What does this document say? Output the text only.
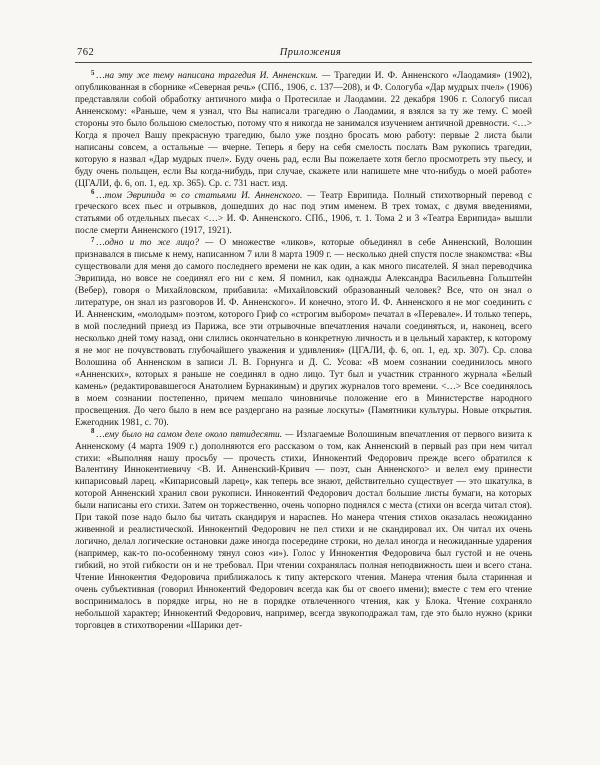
762	Приложения

$^5$ …на эту же тему написана трагедия И. Анненским. — Трагедии И. Ф. Анненского «Лаодамия» (1902), опубликованная в сборнике «Северная речь» (СПб., 1906, с. 137—208), и Ф. Сологуба «Дар мудрых пчел» (1906) представляли собой обработку античного мифа о Протесилае и Лаодамии. 22 декабря 1906 г. Сологуб писал Анненскому: «Раньше, чем я узнал, что Вы написали трагедию о Лаодамии, я взялся за ту же тему. С моей стороны это было большою смелостью, потому что я никогда не занимался изучением античной древности. <…> Когда я прочел Вашу прекрасную трагедию, было уже поздно бросать мою работу: первые 2 листа были написаны совсем, а остальные — вчерне. Теперь я беру на себя смелость послать Вам рукопись трагедии, которую я назвал «Дар мудрых пчел». Буду очень рад, если Вы пожелаете хотя бегло просмотреть эту пьесу, и буду очень польщен, если Вы когда-нибудь, при случае, скажете или напишете мне что-нибудь о моей работе» (ЦГАЛИ, ф. 6, оп. 1, ед. хр. 365). Ср. с. 731 наст. изд.

$^6$ …том Эврипида ∞ со статьями И. Анненского. — Театр Еврипида. Полный стихотворный перевод с греческого всех пьес и отрывков, дошедших до нас под этим именем. В трех томах, с двумя введениями, статьями об отдельных пьесах <…> И. Ф. Анненского. СПб., 1906, т. 1. Тома 2 и 3 «Театра Еврипида» вышли после смерти Анненского (1917, 1921).

$^7$ …одно и то же лицо? — О множестве «ликов», которые объединял в себе Анненский, Волошин признавался в письме к нему, написанном 7 или 8 марта 1909 г. — несколько дней спустя после знакомства: «Вы существовали для меня до самого последнего времени не как один, а как много писателей. Я знал переводчика Эврипида, но вовсе не соединял его ни с кем. Я помнил, как однажды Александра Васильевна Гольштейн (Вебер), говоря о Михайловском, прибавила: «Михайловский образованный человек? Все, что он знал о литературе, он знал из разговоров И. Ф. Анненского». И конечно, этого И. Ф. Анненского я не мог соединить с И. Анненским, «молодым» поэтом, которого Гриф со «строгим выбором» печатал в «Перевале». И только теперь, в мой последний приезд из Парижа, все эти отрывочные впечатления начали соединяться, и, наконец, всего несколько дней тому назад, они слились окончательно в конкретную личность и в цельный характер, к которому я не мог не почувствовать глубочайшего уважения и удивления» (ЦГАЛИ, ф. 6, оп. 1, ед. хр. 307). Ср. слова Волошина об Анненском в записи Л. В. Горнунга и Д. С. Усова: «В моем сознании соединилось много «Анненских», которых я раньше не соединял в одно лицо. Тут был и участник странного журнала «Белый камень» (редактировавшегося Анатолием Бурнакиным) и других журналов того времени. <…> Все соединялось в моем сознании постепенно, причем мешало чиновничье положение его в Министерстве народного просвещения. До чего было в нем все раздергано на разные лоскуты» (Памятники культуры. Новые открытия. Ежегодник 1981, с. 70).

$^8$ …ему было на самом деле около пятидесяти. — Излагаемые Волошиным впечатления от первого визита к Анненскому (4 марта 1909 г.) дополняются его рассказом о том, как Анненский в первый раз при нем читал стихи: «Выполняя нашу просьбу — прочесть стихи, Иннокентий Федорович прежде всего обратился к Валентину Иннокентиевичу <В. И. Анненский-Кривич — поэт, сын Анненского> и велел ему принести кипарисовый ларец. «Кипарисовый ларец», как теперь все знают, действительно существует — это шкатулка, в которой Анненский хранил свои рукописи. Иннокентий Федорович достал большие листы бумаги, на которых были написаны его стихи. Затем он торжественно, очень чопорно поднялся с места (стихи он всегда читал стоя). При такой позе надо было бы читать скандируя и нараспев. Но манера чтения стихов оказалась неожиданно живенной и реалистической. Иннокентий Федорович не пел стихи и не скандировал их. Он читал их очень логично, делал логические остановки даже иногда посередине строки, но делал иногда и неожиданные ударения (например, как-то по-особенному тянул союз «и»). Голос у Иннокентия Федоровича был густой и не очень гибкий, но этой гибкости он и не требовал. При чтении сохранялась полная неподвижность шеи и всего стана. Чтение Иннокентия Федоровича приближалось к типу актерского чтения. Манера чтения была старинная и очень субъективная (говорил Иннокентий Федорович всегда как бы от своего имени); вместе с тем его чтение воспринималось в порядке игры, но не в порядке отвлеченного чтения, как у Блока. Чтение сохраняло небольшой характер; Иннокентий Федорович, например, всегда звукоподражал там, где это было нужно (крики торговцев в стихотворении «Шарики дет-
